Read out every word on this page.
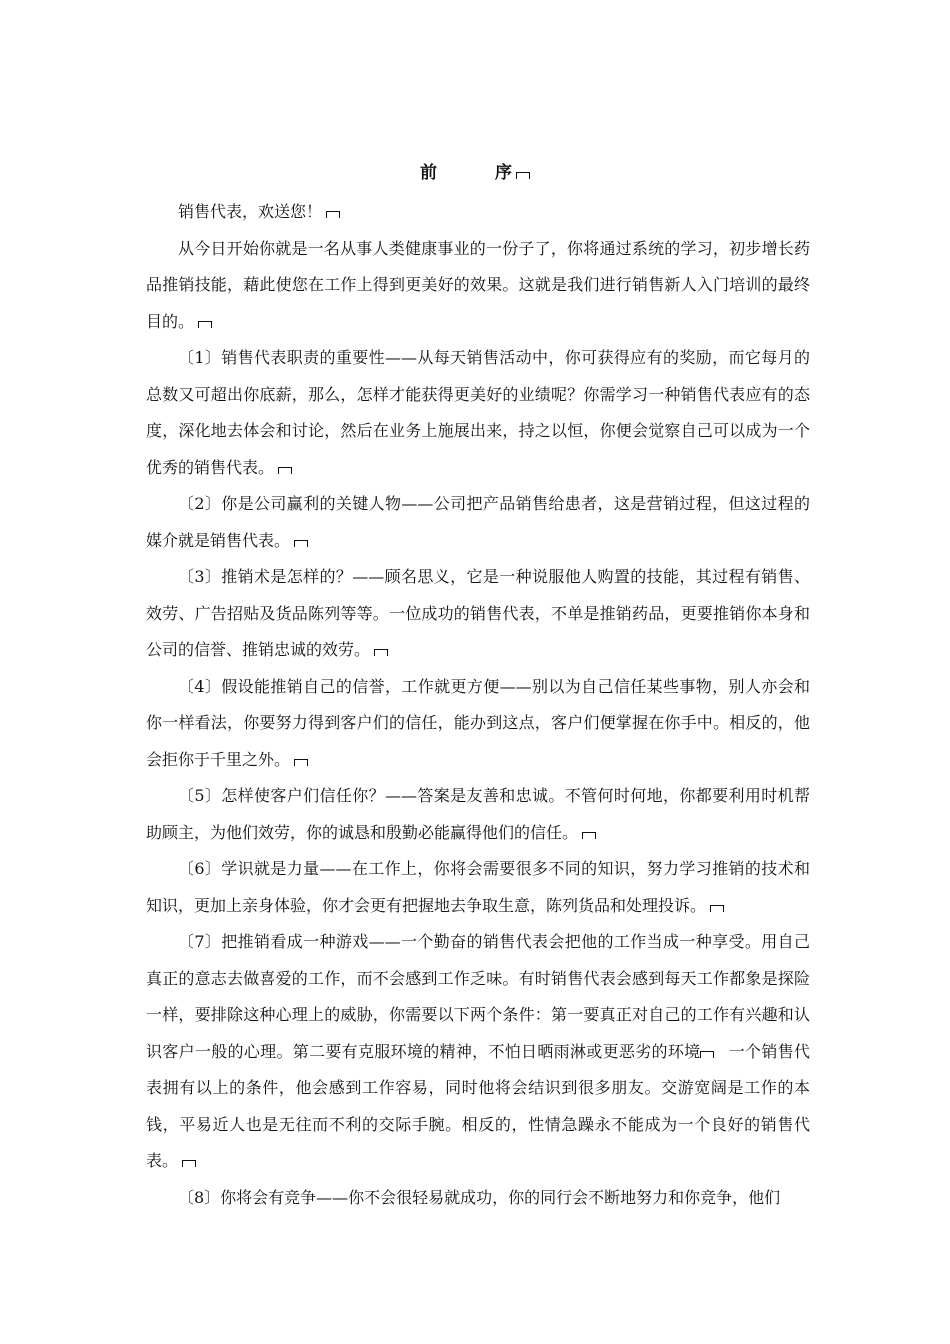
前	序

销售代表，欢送您！

从今日开始你就是一名从事人类健康事业的一份子了，你将通过系统的学习，初步增长药品推销技能，藉此使您在工作上得到更美好的效果。这就是我们进行销售新人入门培训的最终目的。

〔1〕销售代表职责的重要性——从每天销售活动中，你可获得应有的奖励，而它每月的总数又可超出你底薪，那么，怎样才能获得更美好的业绩呢？你需学习一种销售代表应有的态度，深化地去体会和讨论，然后在业务上施展出来，持之以恒，你便会觉察自己可以成为一个优秀的销售代表。

〔2〕你是公司赢利的关键人物——公司把产品销售给患者，这是营销过程，但这过程的媒介就是销售代表。

〔3〕推销术是怎样的？——顾名思义，它是一种说服他人购置的技能，其过程有销售、效劳、广告招贴及货品陈列等等。一位成功的销售代表，不单是推销药品，更要推销你本身和公司的信誉、推销忠诚的效劳。

〔4〕假设能推销自己的信誉，工作就更方便——别以为自己信任某些事物，别人亦会和你一样看法，你要努力得到客户们的信任，能办到这点，客户们便掌握在你手中。相反的，他会拒你于千里之外。

〔5〕怎样使客户们信任你？——答案是友善和忠诚。不管何时何地，你都要利用时机帮助顾主，为他们效劳，你的诚恳和殷勤必能赢得他们的信任。

〔6〕学识就是力量——在工作上，你将会需要很多不同的知识，努力学习推销的技术和知识，更加上亲身体验，你才会更有把握地去争取生意，陈列货品和处理投诉。

〔7〕把推销看成一种游戏——一个勤奋的销售代表会把他的工作当成一种享受。用自己真正的意志去做喜爱的工作，而不会感到工作乏味。有时销售代表会感到每天工作都象是探险一样，要排除这种心理上的威胁，你需要以下两个条件：第一要真正对自己的工作有兴趣和认识客户一般的心理。第二要有克服环境的精神，不怕日晒雨淋或更恶劣的环境 一个销售代表拥有以上的条件，他会感到工作容易，同时他将会结识到很多朋友。交游宽阔是工作的本钱，平易近人也是无往而不利的交际手腕。相反的，性情急躁永不能成为一个良好的销售代表。

〔8〕你将会有竞争——你不会很轻易就成功，你的同行会不断地努力和你竞争，他们
